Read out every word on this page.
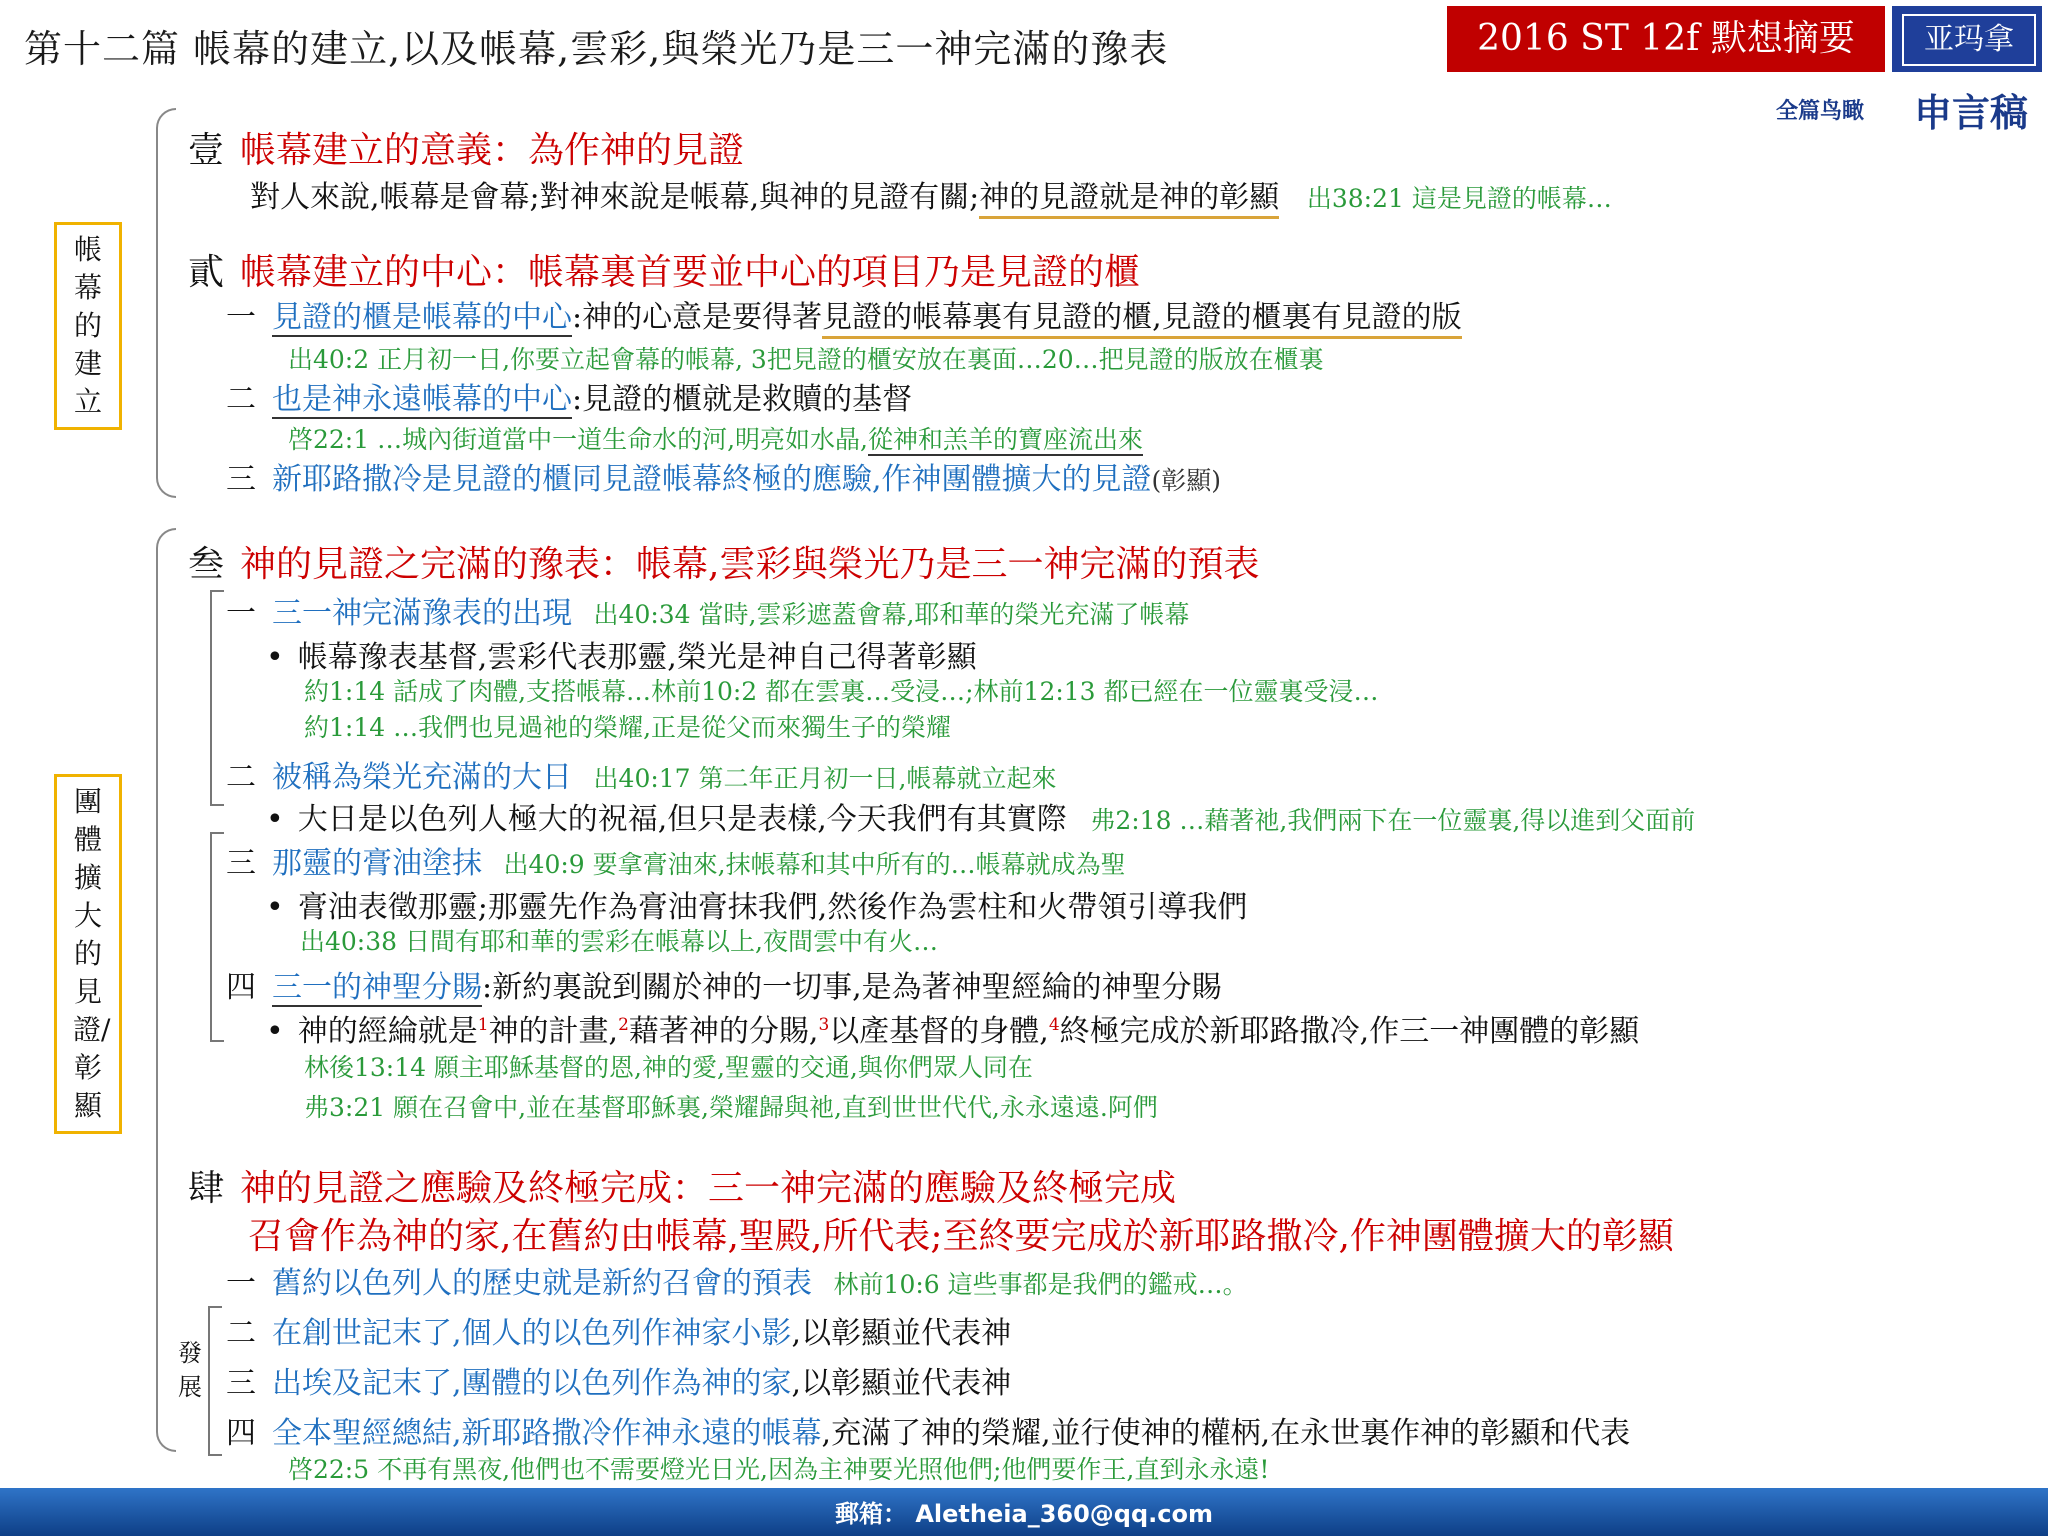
第十二篇 帳幕的建立,以及帳幕,雲彩,與榮光乃是三一神完滿的豫表	2016 ST 12f 默想摘要	亚玛拿
全篇鸟瞰 申言稿
帳幕的建立
團體擴大的見證/彰顯
發展
壹 帳幕建立的意義：為作神的見證
對人來說,帳幕是會幕;對神來說是帳幕,與神的見證有關;神的見證就是神的彰顯 出38:21 這是見證的帳幕…
貳 帳幕建立的中心：帳幕裏首要並中心的項目乃是見證的櫃
一 見證的櫃是帳幕的中心:神的心意是要得著見證的帳幕裏有見證的櫃,見證的櫃裏有見證的版
出40:2 正月初一日,你要立起會幕的帳幕, 3把見證的櫃安放在裏面…20…把見證的版放在櫃裏
二 也是神永遠帳幕的中心:見證的櫃就是救贖的基督
啓22:1 …城內街道當中一道生命水的河,明亮如水晶,從神和羔羊的寶座流出來
三 新耶路撒冷是見證的櫃同見證帳幕終極的應驗,作神團體擴大的見證(彰顯)
叁 神的見證之完滿的豫表：帳幕,雲彩與榮光乃是三一神完滿的預表
一 三一神完滿豫表的出現 出40:34 當時,雲彩遮蓋會幕,耶和華的榮光充滿了帳幕
• 帳幕豫表基督,雲彩代表那靈,榮光是神自己得著彰顯
約1:14 話成了肉體,支搭帳幕…林前10:2 都在雲裏…受浸…;林前12:13 都已經在一位靈裏受浸…
約1:14 …我們也見過祂的榮耀,正是從父而來獨生子的榮耀
二 被稱為榮光充滿的大日 出40:17 第二年正月初一日,帳幕就立起來
• 大日是以色列人極大的祝福,但只是表樣,今天我們有其實際 弗2:18 …藉著祂,我們兩下在一位靈裏,得以進到父面前
三 那靈的膏油塗抹 出40:9 要拿膏油來,抹帳幕和其中所有的…帳幕就成為聖
• 膏油表徵那靈;那靈先作為膏油膏抹我們,然後作為雲柱和火帶領引導我們
出40:38 日間有耶和華的雲彩在帳幕以上,夜間雲中有火…
四 三一的神聖分賜:新約裏說到關於神的一切事,是為著神聖經綸的神聖分賜
• 神的經綸就是$^1$神的計畫,$^2$藉著神的分賜,$^3$以產基督的身體,$^4$終極完成於新耶路撒冷,作三一神團體的彰顯
林後13:14 願主耶穌基督的恩,神的愛,聖靈的交通,與你們眾人同在
弗3:21 願在召會中,並在基督耶穌裏,榮耀歸與祂,直到世世代代,永永遠遠.阿們
肆 神的見證之應驗及終極完成：三一神完滿的應驗及終極完成
召會作為神的家,在舊約由帳幕,聖殿,所代表;至終要完成於新耶路撒冷,作神團體擴大的彰顯
一 舊約以色列人的歷史就是新約召會的預表 林前10:6 這些事都是我們的鑑戒…。
二 在創世記末了,個人的以色列作神家小影,以彰顯並代表神
三 出埃及記末了,團體的以色列作為神的家,以彰顯並代表神
四 全本聖經總結,新耶路撒冷作神永遠的帳幕,充滿了神的榮耀,並行使神的權柄,在永世裏作神的彰顯和代表
啓22:5 不再有黑夜,他們也不需要燈光日光,因為主神要光照他們;他們要作王,直到永永遠!
郵箱： Aletheia_360@qq.com
